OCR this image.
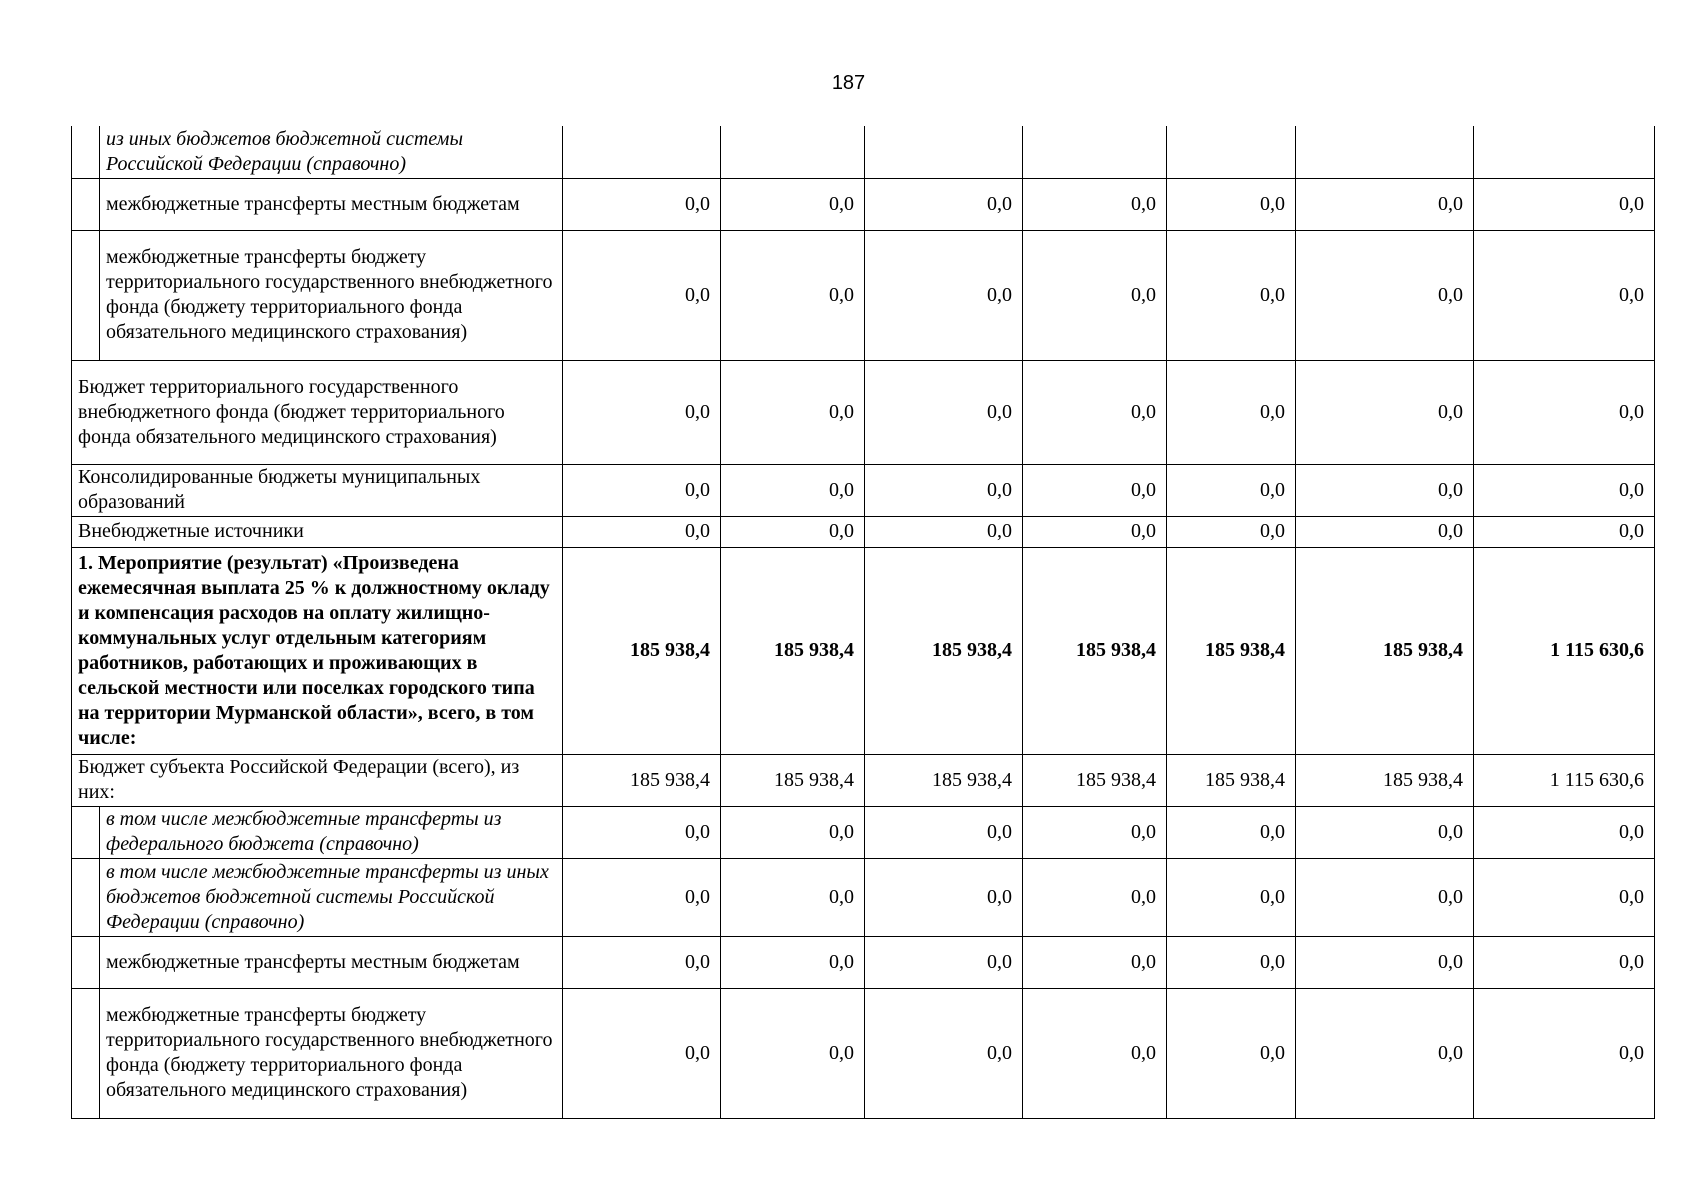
187
	из иных бюджетов бюджетной системы Российской Федерации (справочно)							
	межбюджетные трансферты местным бюджетам	0,0	0,0	0,0	0,0	0,0	0,0	0,0
	межбюджетные трансферты бюджету территориального государственного внебюджетного фонда (бюджету территориального фонда обязательного медицинского страхования)	0,0	0,0	0,0	0,0	0,0	0,0	0,0
Бюджет территориального государственного внебюджетного фонда (бюджет территориального фонда обязательного медицинского страхования)		0,0	0,0	0,0	0,0	0,0	0,0	0,0
Консолидированные бюджеты муниципальных образований		0,0	0,0	0,0	0,0	0,0	0,0	0,0
Внебюджетные источники		0,0	0,0	0,0	0,0	0,0	0,0	0,0
1. Мероприятие (результат) «Произведена ежемесячная выплата 25 % к должностному окладу и компенсация расходов на оплату жилищно-коммунальных услуг отдельным категориям работников, работающих и проживающих в сельской местности или поселках городского типа на территории Мурманской области», всего, в том числе:		185 938,4	185 938,4	185 938,4	185 938,4	185 938,4	185 938,4	1 115 630,6
Бюджет субъекта Российской Федерации (всего), из них:		185 938,4	185 938,4	185 938,4	185 938,4	185 938,4	185 938,4	1 115 630,6
	в том числе межбюджетные трансферты из федерального бюджета (справочно)	0,0	0,0	0,0	0,0	0,0	0,0	0,0
	в том числе межбюджетные трансферты из иных бюджетов бюджетной системы Российской Федерации (справочно)	0,0	0,0	0,0	0,0	0,0	0,0	0,0
	межбюджетные трансферты местным бюджетам	0,0	0,0	0,0	0,0	0,0	0,0	0,0
	межбюджетные трансферты бюджету территориального государственного внебюджетного фонда (бюджету территориального фонда обязательного медицинского страхования)	0,0	0,0	0,0	0,0	0,0	0,0	0,0
